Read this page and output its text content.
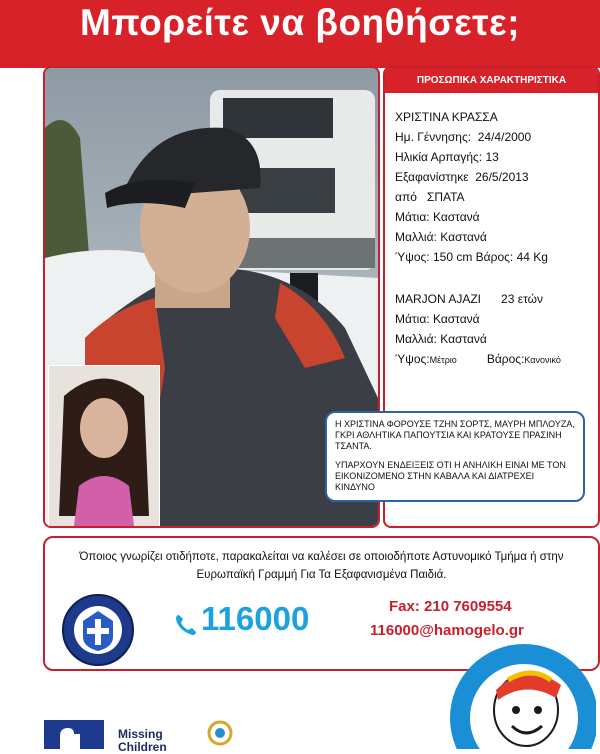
Μπορείτε να βοηθήσετε;
ΠΡΟΣΩΠΙΚΑ ΧΑΡΑΚΤΗΡΙΣΤΙΚΑ
ΧΡΙΣΤΙΝΑ ΚΡΑΣΣΑ
Ημ. Γέννησης: 24/4/2000
Ηλικία Αρπαγής: 13
Εξαφανίστηκε 26/5/2013
από ΣΠΑΤΑ
Μάτια: Καστανά
Μαλλιά: Καστανά
Ύψος: 150 cm Βάρος: 44 Kg
MARJON AJAZI 23 ετών
Μάτια: Καστανά
Μαλλιά: Καστανά
Ύψος:Μέτριο	Βάρος:Κανονικό

Η ΧΡΙΣΤΙΝΑ ΦΟΡΟΥΣΕ ΤΖΗΝ ΣΟΡΤΣ, ΜΑΥΡΗ ΜΠΛΟΥΖΑ, ΓΚΡΙ ΑΘΛΗΤΙΚΑ ΠΑΠΟΥΤΣΙΑ ΚΑΙ ΚΡΑΤΟΥΣΕ ΠΡΑΣΙΝΗ ΤΣΑΝΤΑ.

ΥΠΑΡΧΟΥΝ ΕΝΔΕΙΞΕΙΣ ΟΤΙ Η ΑΝΗΛΙΚΗ ΕΙΝΑΙ ΜΕ ΤΟΝ ΕΙΚΟΝΙΖΟΜΕΝΟ ΣΤΗΝ ΚΑΒΑΛΑ ΚΑΙ ΔΙΑΤΡΕΧΕΙ ΚΙΝΔΥΝΟ

Όποιος γνωρίζει οτιδήποτε, παρακαλείται να καλέσει σε οποιοδήποτε Αστυνομικό Τμήμα ή στην
Ευρωπαϊκή Γραμμή Για Τα Εξαφανισμένα Παιδιά.
116000	Fax: 210 7609554
116000@hamogelo.gr
Missing
Children
